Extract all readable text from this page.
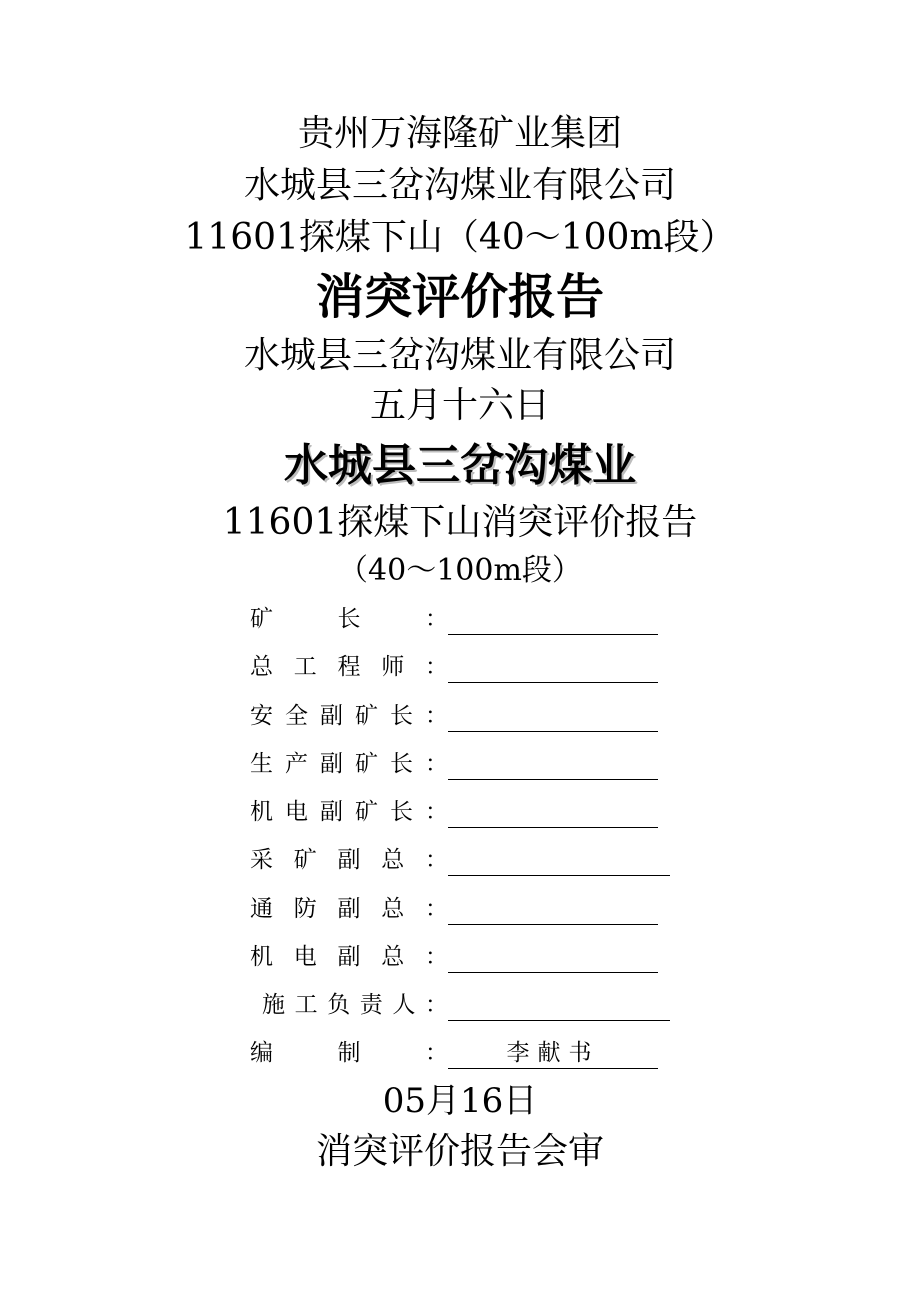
贵州万海隆矿业集团
水城县三岔沟煤业有限公司
11601探煤下山（40～100m段）
消突评价报告
水城县三岔沟煤业有限公司
五月十六日
水城县三岔沟煤业
11601探煤下山消突评价报告
（40～100m段）
矿长：
总工程师：
安全副矿长：
生产副矿长：
机电副矿长：
采矿副总：
通防副总：
机电副总：
施工负责人：
编制：	李献书
05月16日
消突评价报告会审
